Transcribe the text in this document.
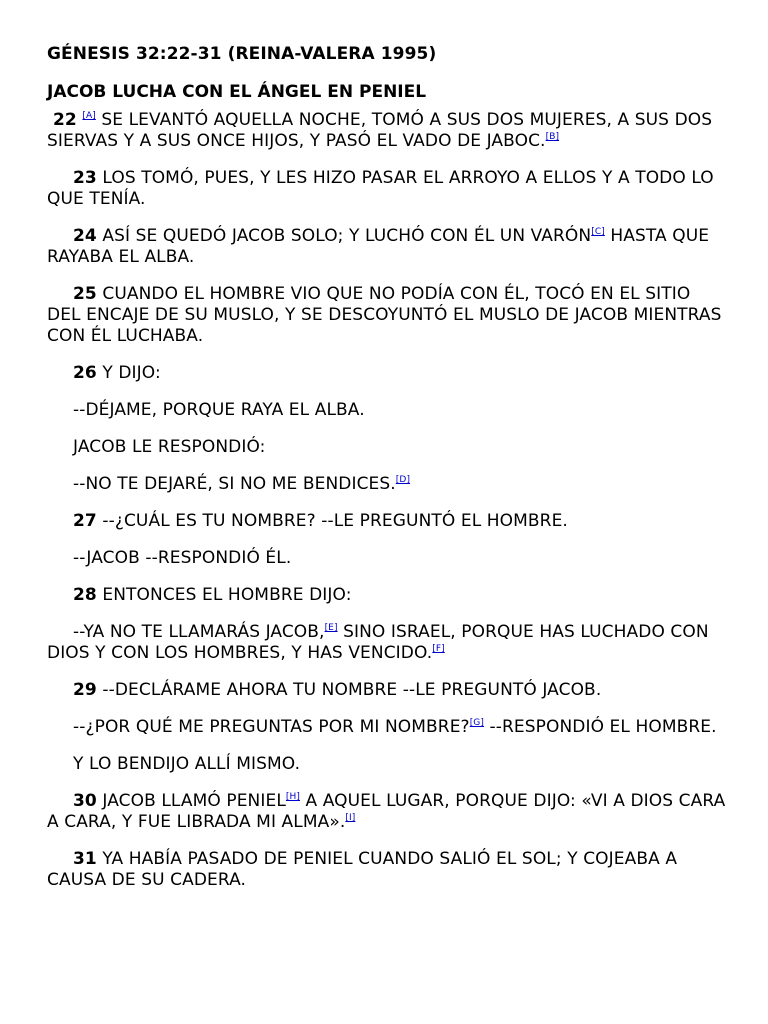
GÉNESIS 32:22-31 (REINA-VALERA 1995)
JACOB LUCHA CON EL ÁNGEL EN PENIEL

22 [A] SE LEVANTÓ AQUELLA NOCHE, TOMÓ A SUS DOS MUJERES, A SUS DOS SIERVAS Y A SUS ONCE HIJOS, Y PASÓ EL VADO DE JABOC.[B]

23 LOS TOMÓ, PUES, Y LES HIZO PASAR EL ARROYO A ELLOS Y A TODO LO QUE TENÍA.

24 ASÍ SE QUEDÓ JACOB SOLO; Y LUCHÓ CON ÉL UN VARÓN[C] HASTA QUE RAYABA EL ALBA.

25 CUANDO EL HOMBRE VIO QUE NO PODÍA CON ÉL, TOCÓ EN EL SITIO DEL ENCAJE DE SU MUSLO, Y SE DESCOYUNTÓ EL MUSLO DE JACOB MIENTRAS CON ÉL LUCHABA.

26 Y DIJO:

--DÉJAME, PORQUE RAYA EL ALBA.

JACOB LE RESPONDIÓ:

--NO TE DEJARÉ, SI NO ME BENDICES.[D]

27 --¿CUÁL ES TU NOMBRE? --LE PREGUNTÓ EL HOMBRE.

--JACOB --RESPONDIÓ ÉL.

28 ENTONCES EL HOMBRE DIJO:

--YA NO TE LLAMARÁS JACOB,[E] SINO ISRAEL, PORQUE HAS LUCHADO CON DIOS Y CON LOS HOMBRES, Y HAS VENCIDO.[F]

29 --DECLÁRAME AHORA TU NOMBRE --LE PREGUNTÓ JACOB.

--¿POR QUÉ ME PREGUNTAS POR MI NOMBRE?[G] --RESPONDIÓ EL HOMBRE.

Y LO BENDIJO ALLÍ MISMO.

30 JACOB LLAMÓ PENIEL[H] A AQUEL LUGAR, PORQUE DIJO: «VI A DIOS CARA A CARA, Y FUE LIBRADA MI ALMA».[I]

31 YA HABÍA PASADO DE PENIEL CUANDO SALIÓ EL SOL; Y COJEABA A CAUSA DE SU CADERA.
